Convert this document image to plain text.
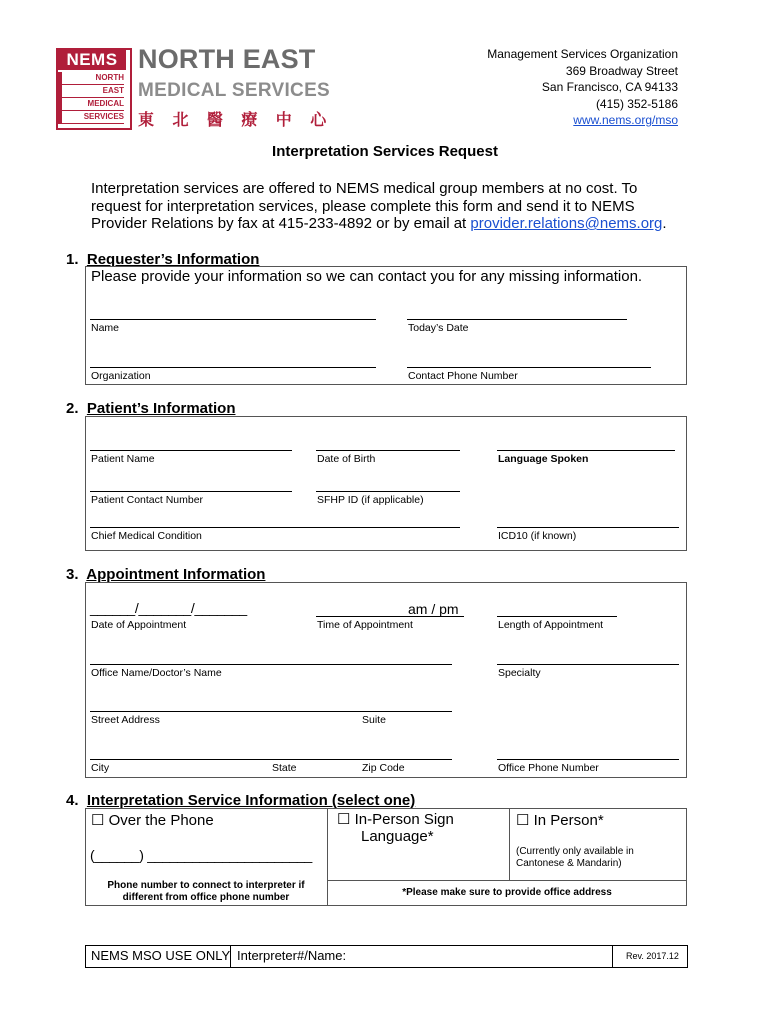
NEMS
NORTH
EAST
MEDICAL
SERVICES
NORTH EAST
MEDICAL SERVICES
東 北 醫 療 中 心
Management Services Organization
369 Broadway Street
San Francisco, CA 94133
(415) 352-5186
www.nems.org/mso
Interpretation Services Request
Interpretation services are offered to NEMS medical group members at no cost. To request for interpretation services, please complete this form and send it to NEMS Provider Relations by fax at 415-233-4892 or by email at provider.relations@nems.org.
1. Requester’s Information
Please provide your information so we can contact you for any missing information.
Name	Today’s Date
Organization	Contact Phone Number
2. Patient’s Information
Patient Name	Date of Birth	Language Spoken
Patient Contact Number	SFHP ID (if applicable)
Chief Medical Condition	ICD10 (if known)
3. Appointment Information
______/_______/_______	am / pm
Date of Appointment	Time of Appointment	Length of Appointment
Office Name/Doctor’s Name	Specialty
Street Address	Suite
City	State	Zip Code	Office Phone Number
4. Interpretation Service Information (select one)
☐ Over the Phone
(______) ______________________
Phone number to connect to interpreter if different from office phone number
☐ In-Person Sign
Language*
☐ In Person*
(Currently only available in Cantonese & Mandarin)
*Please make sure to provide office address
NEMS MSO USE ONLY Interpreter#/Name:	Rev. 2017.12
